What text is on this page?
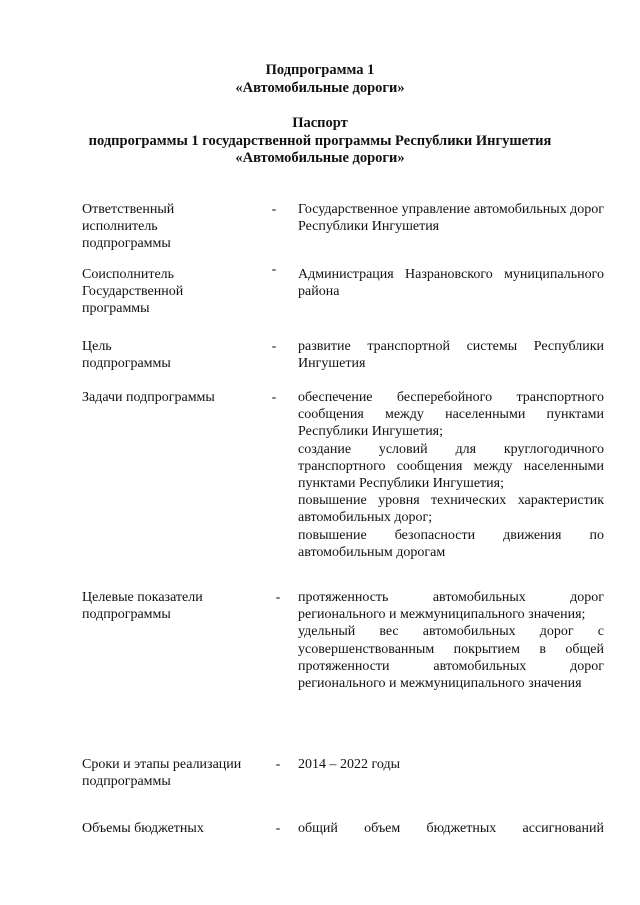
Подпрограмма 1
«Автомобильные дороги»
Паспорт
подпрограммы 1 государственной программы Республики Ингушетия
«Автомобильные дороги»
Ответственный
исполнитель
подпрограммы
- Государственное управление автомобильных дорог Республики Ингушетия
Соисполнитель
Государственной
программы
- Администрация Назрановского муниципального района
Цель
подпрограммы
- развитие транспортной системы Республики Ингушетия
Задачи подпрограммы	- обеспечение бесперебойного транспортного сообщения между населенными пунктами Республики Ингушетия;
создание условий для круглогодичного транспортного сообщения между населенными пунктами Республики Ингушетия;
повышение уровня технических характеристик автомобильных дорог;
повышение безопасности движения по автомобильным дорогам
Целевые показатели
подпрограммы
- протяженность автомобильных дорог регионального и межмуниципального значения;
удельный вес автомобильных дорог с усовершенствованным покрытием в общей протяженности автомобильных дорог регионального и межмуниципального значения
Сроки и этапы реализации
подпрограммы
- 2014 – 2022 годы
Объемы бюджетных	- общий объем бюджетных ассигнований
